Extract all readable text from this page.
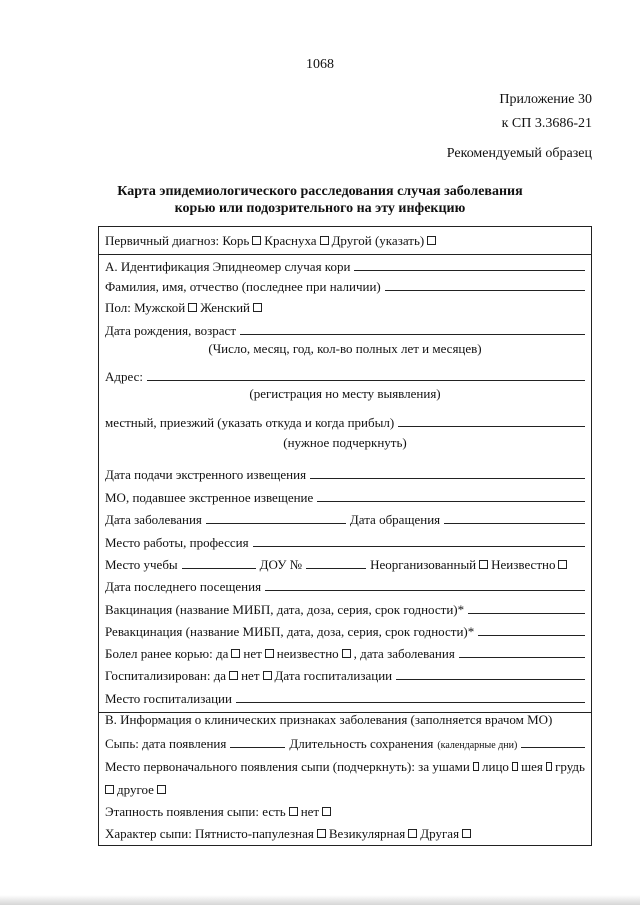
1068
Приложение 30
к СП 3.3686-21
Рекомендуемый образец
Карта эпидемиологического расследования случая заболевания
корью или подозрительного на эту инфекцию
Первичный диагноз: Корь Краснуха Другой (указать)
А. Идентификация Эпиднеомер случая кори
Фамилия, имя, отчество (последнее при наличии)
Пол: Мужской Женский
Дата рождения, возраст
(Число, месяц, год, кол-во полных лет и месяцев)
Адрес:
(регистрация но месту выявления)
местный, приезжий (указать откуда и когда прибыл)
(нужное подчеркнуть)
Дата подачи экстренного извещения
МО, подавшее экстренное извещение
Дата заболевания	Дата обращения
Место работы, профессия
Место учебы	ДОУ №	Неорганизованный Неизвестно
Дата последнего посещения
Вакцинация (название МИБП, дата, доза, серия, срок годности)*
Ревакцинация (название МИБП, дата, доза, серия, срок годности)*
Болел ранее корью: да нет неизвестно , дата заболевания
Госпитализирован: да нет Дата госпитализации
Место госпитализации
В. Информация о клинических признаках заболевания (заполняется врачом МО)
Сыпь: дата появления	Длительность сохранения (календарные дни)
Место первоначального появления сыпи (подчеркнуть): за ушами лицо шея грудь
другое
Этапность появления сыпи: есть нет
Характер сыпи: Пятнисто-папулезная Везикулярная Другая
